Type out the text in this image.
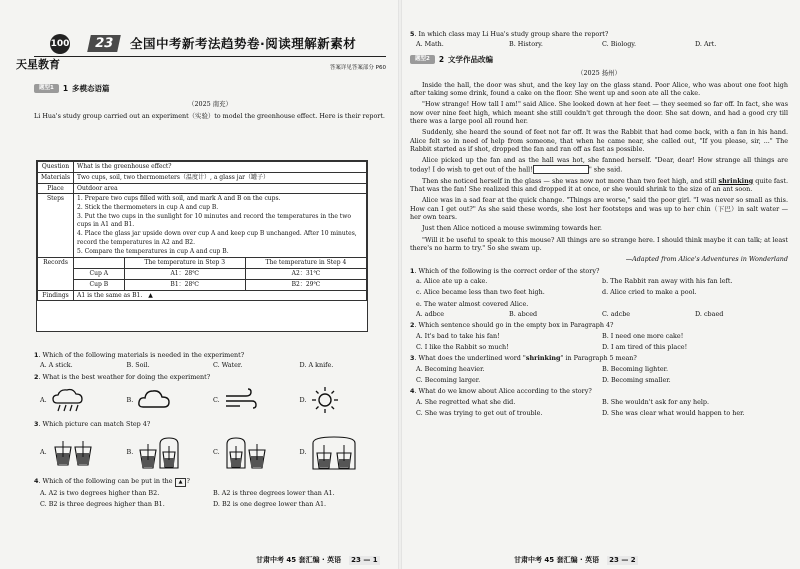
100
天星教育
23	全国中考新考法趋势卷·阅读理解新素材
答案详见答案部分 P60
题型1	1 多模态语篇
（2025 南充）
Li Hua's study group carried out an experiment（实验）to model the greenhouse effect. Here is their report.
Question	What is the greenhouse effect?
Materials	Two cups, soil, two thermometers（温度计）, a glass jar（罐子）
Place	Outdoor area
Steps	1. Prepare two cups filled with soil, and mark A and B on the cups.
2. Stick the thermometers in cup A and cup B.
3. Put the two cups in the sunlight for 10 minutes and record the temperatures in the two cups in A1 and B1.
4. Place the glass jar upside down over cup A and keep cup B unchanged. After 10 minutes, record the temperatures in A2 and B2.
5. Compare the temperatures in cup A and cup B.

Records	
		The temperature in Step 3	The temperature in Step 4
Cup A	A1：28℃	A2：31℃
Cup B	B1：28℃	B2：29℃

Findings	A1 is the same as B1.　▲
1. Which of the following materials is needed in the experiment?
A. A stick.	B. Soil.	C. Water.	D. A knife.
2. What is the best weather for doing the experiment?
A.	B.	C.	D.
3. Which picture can match Step 4?
A.	B.	C.	D.
4. Which of the following can be put in the ▲ ?
A. A2 is two degrees higher than B2.	B. A2 is three degrees lower than A1.
C. B2 is three degrees higher than B1.	D. B2 is one degree lower than A1.
甘肃中考 45 套汇编 · 英语 23 — 1
5. In which class may Li Hua's study group share the report?
A. Math.	B. History.	C. Biology.	D. Art.
题型2	2 文学作品改编
（2025 扬州）

Inside the hall, the door was shut, and the key lay on the glass stand. Poor Alice, who was about one foot high after taking some drink, found a cake on the floor. She went up and soon ate all the cake.

"How strange! How tall I am!" said Alice. She looked down at her feet — they seemed so far off. In fact, she was now over nine feet high, which meant she still couldn't get through the door. She sat down, and had a good cry till there was a large pool all round her.

Suddenly, she heard the sound of feet not far off. It was the Rabbit that had come back, with a fan in his hand. Alice felt so in need of help from someone, that when he came near, she called out, "If you please, sir, ..." The Rabbit started as if shot, dropped the fan and ran off as fast as possible.

Alice picked up the fan and as the hall was hot, she fanned herself. "Dear, dear! How strange all things are today! I do wish to get out of the hall!	" she said.

Then she noticed herself in the glass — she was now not more than two feet high, and still shrinking quite fast. That was the fan! She realized this and dropped it at once, or she would shrink to the size of an ant soon.

Alice was in a sad fear at the quick change. "Things are worse," said the poor girl. "I was never so small as this. How can I get out?" As she said these words, she lost her footsteps and was up to her chin（下巴）in salt water — her own tears.

Just then Alice noticed a mouse swimming towards her.

"Will it be useful to speak to this mouse? All things are so strange here. I should think maybe it can talk; at least there's no harm to try." So she swam up.

—Adapted from Alice's Adventures in Wonderland
1. Which of the following is the correct order of the story?
a. Alice ate up a cake.	b. The Rabbit ran away with his fan left.
c. Alice became less than two feet high.	d. Alice cried to make a pool.
e. The water almost covered Alice.
A. adbce	B. abced	C. adcbe	D. cbaed
2. Which sentence should go in the empty box in Paragraph 4?
A. It's bad to take his fan!	B. I need one more cake!
C. I like the Rabbit so much!	D. I am tired of this place!
3. What does the underlined word "shrinking" in Paragraph 5 mean?
A. Becoming heavier.	B. Becoming lighter.
C. Becoming larger.	D. Becoming smaller.
4. What do we know about Alice according to the story?
A. She regretted what she did.	B. She wouldn't ask for any help.
C. She was trying to get out of trouble.	D. She was clear what would happen to her.
甘肃中考 45 套汇编 · 英语 23 — 2
